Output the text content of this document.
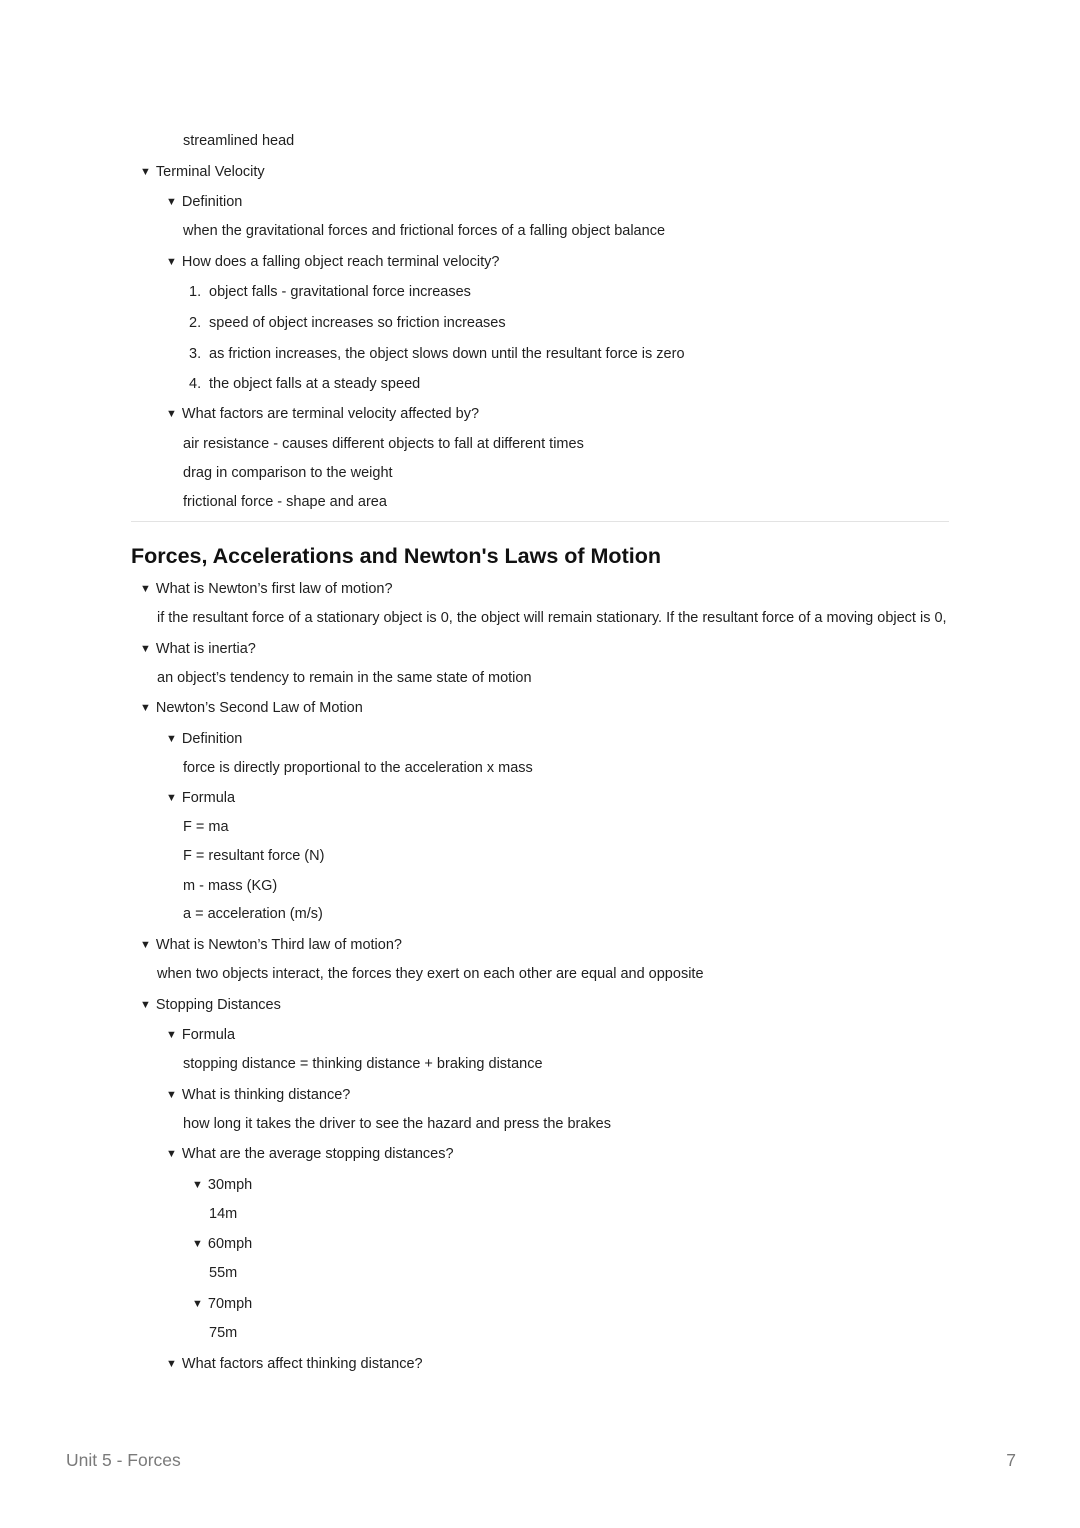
streamlined head
▼ Terminal Velocity
▼ Definition
when the gravitational forces and frictional forces of a falling object balance
▼ How does a falling object reach terminal velocity?
1. object falls - gravitational force increases
2. speed of object increases so friction increases
3. as friction increases, the object slows down until the resultant force is zero
4. the object falls at a steady speed
▼ What factors are terminal velocity affected by?
air resistance - causes different objects to fall at different times
drag in comparison to the weight
frictional force - shape and area
Forces, Accelerations and Newton's Laws of Motion
▼ What is Newton’s first law of motion?
if the resultant force of a stationary object is 0, the object will remain stationary. If the resultant force of a moving object is 0,
▼ What is inertia?
an object’s tendency to remain in the same state of motion
▼ Newton’s Second Law of Motion
▼ Definition
force is directly proportional to the acceleration x mass
▼ Formula
F = ma
F = resultant force (N)
m - mass (KG)
a = acceleration (m/s)
▼ What is Newton’s Third law of motion?
when two objects interact, the forces they exert on each other are equal and opposite
▼ Stopping Distances
▼ Formula
stopping distance = thinking distance + braking distance
▼ What is thinking distance?
how long it takes the driver to see the hazard and press the brakes
▼ What are the average stopping distances?
▼ 30mph
14m
▼ 60mph
55m
▼ 70mph
75m
▼ What factors affect thinking distance?
Unit 5 - Forces	7
